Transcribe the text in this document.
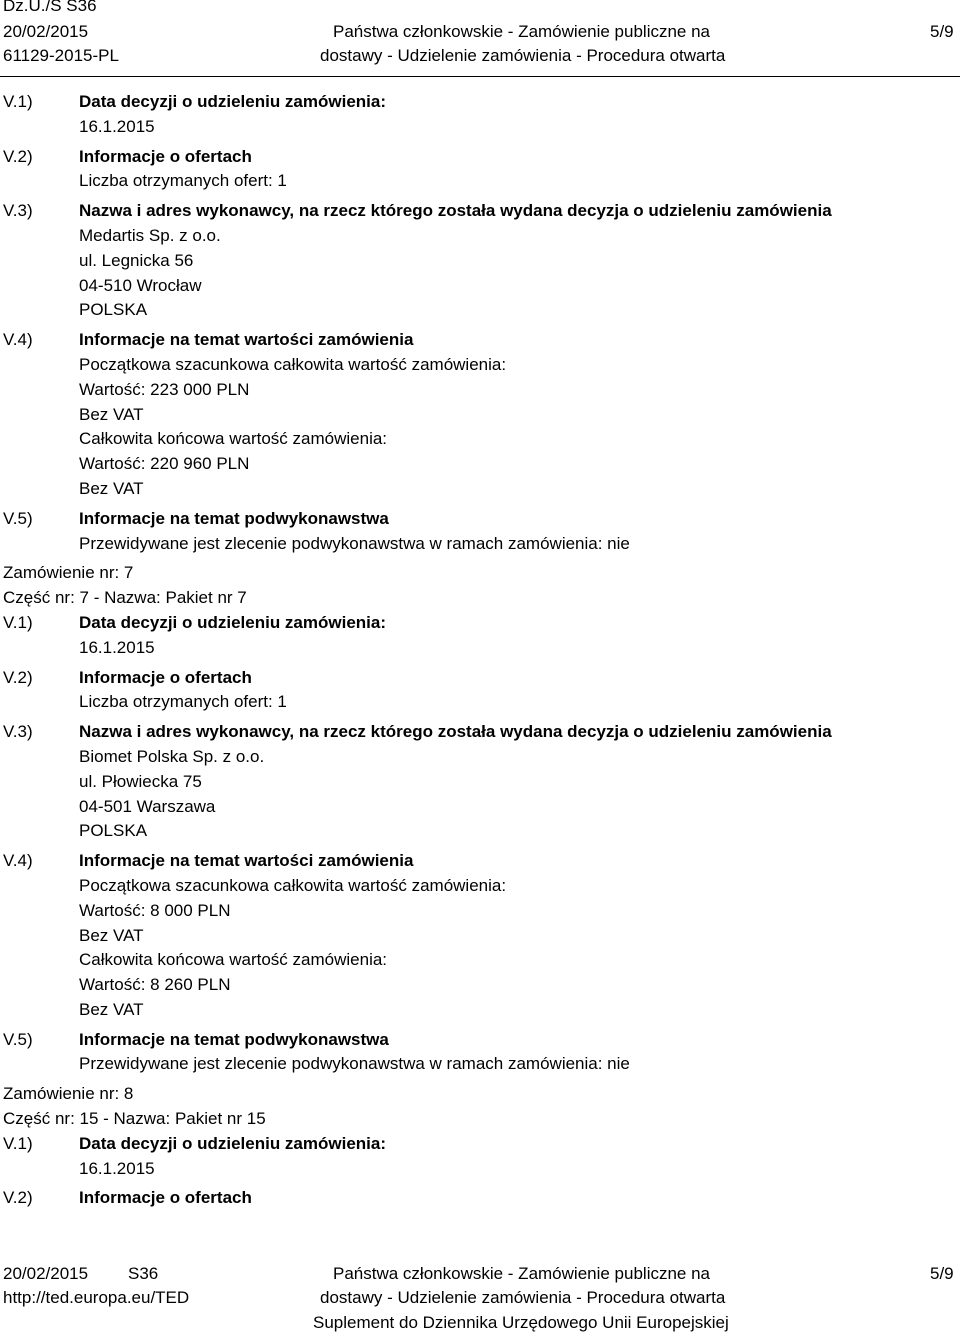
Dz.U./S S36
20/02/2015
61129-2015-PL
Państwa członkowskie - Zamówienie publiczne na
dostawy - Udzielenie zamówienia - Procedura otwarta
5/9
V.1)	Data decyzji o udzieleniu zamówienia:
16.1.2015
V.2)	Informacje o ofertach
Liczba otrzymanych ofert: 1
V.3)	Nazwa i adres wykonawcy, na rzecz którego została wydana decyzja o udzieleniu zamówienia
Medartis Sp. z o.o.
ul. Legnicka 56
04-510 Wrocław
POLSKA
V.4)	Informacje na temat wartości zamówienia
Początkowa szacunkowa całkowita wartość zamówienia:
Wartość: 223 000 PLN
Bez VAT
Całkowita końcowa wartość zamówienia:
Wartość: 220 960 PLN
Bez VAT
V.5)	Informacje na temat podwykonawstwa
Przewidywane jest zlecenie podwykonawstwa w ramach zamówienia: nie
Zamówienie nr: 7
Część nr: 7 - Nazwa: Pakiet nr 7
V.1)	Data decyzji o udzieleniu zamówienia:
16.1.2015
V.2)	Informacje o ofertach
Liczba otrzymanych ofert: 1
V.3)	Nazwa i adres wykonawcy, na rzecz którego została wydana decyzja o udzieleniu zamówienia
Biomet Polska Sp. z o.o.
ul. Płowiecka 75
04-501 Warszawa
POLSKA
V.4)	Informacje na temat wartości zamówienia
Początkowa szacunkowa całkowita wartość zamówienia:
Wartość: 8 000 PLN
Bez VAT
Całkowita końcowa wartość zamówienia:
Wartość: 8 260 PLN
Bez VAT
V.5)	Informacje na temat podwykonawstwa
Przewidywane jest zlecenie podwykonawstwa w ramach zamówienia: nie
Zamówienie nr: 8
Część nr: 15 - Nazwa: Pakiet nr 15
V.1)	Data decyzji o udzieleniu zamówienia:
16.1.2015
V.2)	Informacje o ofertach
20/02/2015 S36
http://ted.europa.eu/TED
Państwa członkowskie - Zamówienie publiczne na
dostawy - Udzielenie zamówienia - Procedura otwarta
Suplement do Dziennika Urzędowego Unii Europejskiej
5/9
